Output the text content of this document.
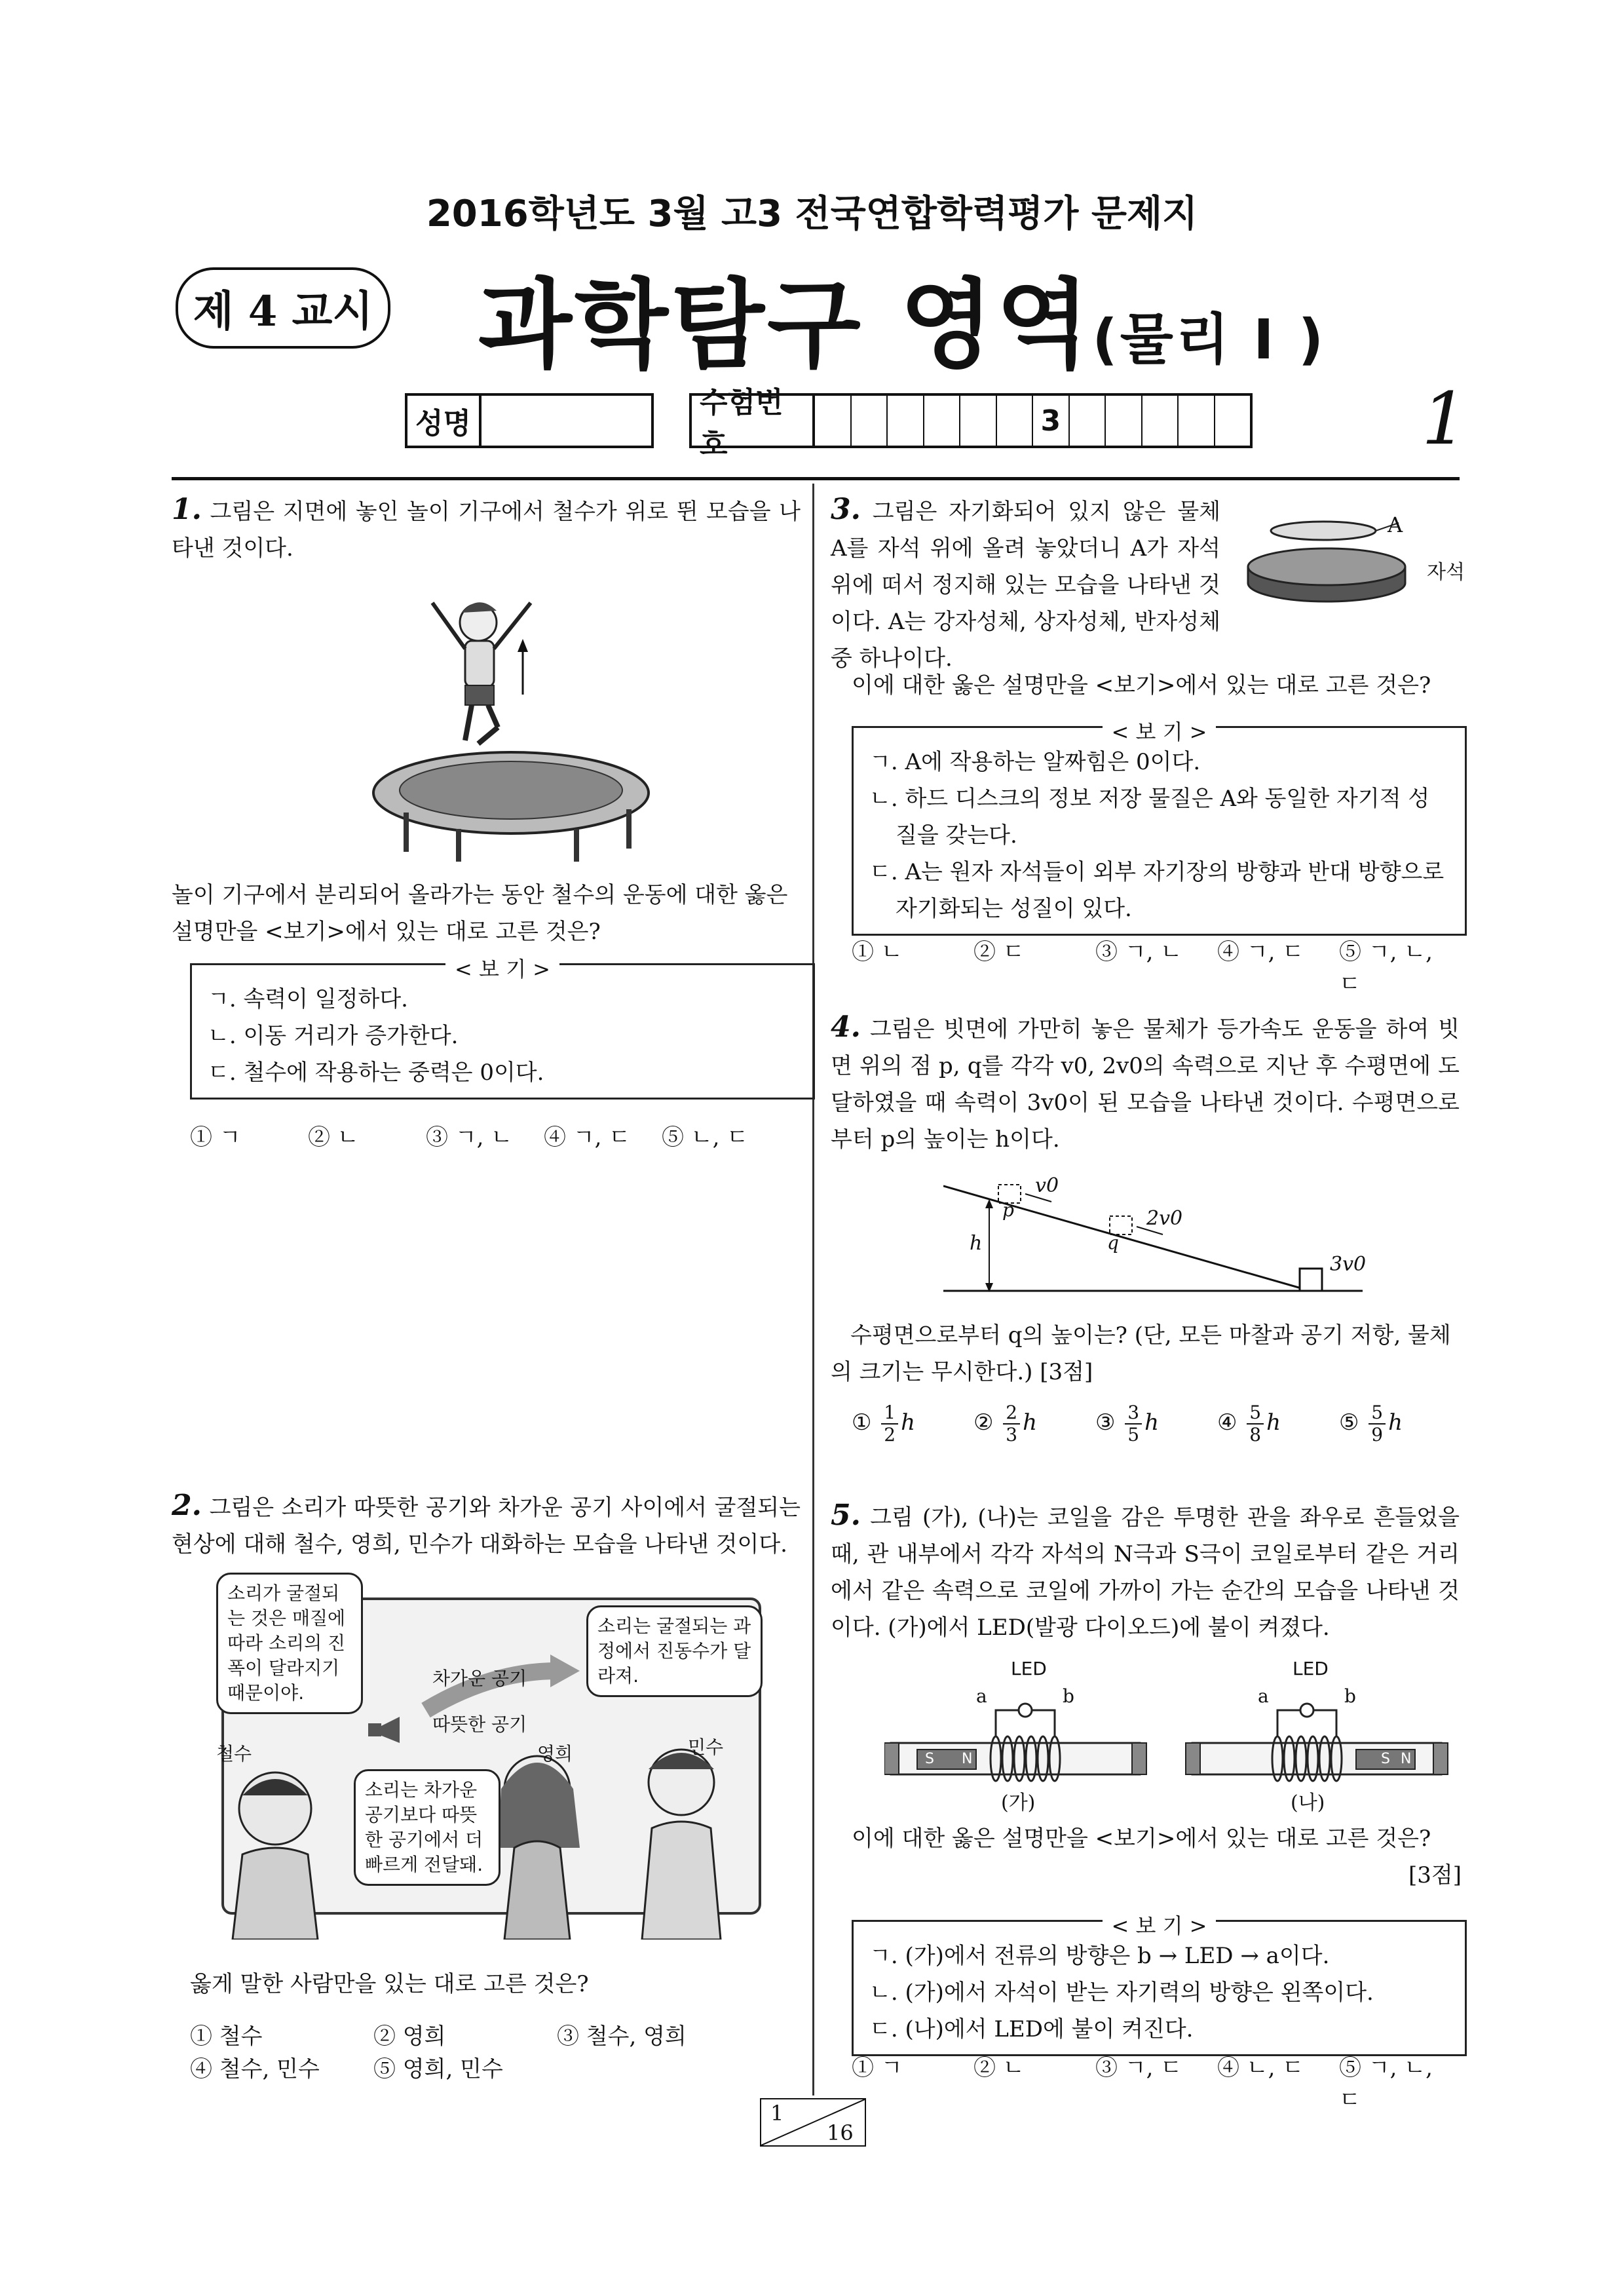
2016학년도 3월 고3 전국연합학력평가 문제지
제 4 교시 과학탐구 영역(물리 I )
성명
수험번호
3	1
1. 그림은 지면에 놓인 놀이 기구에서 철수가 위로 뛴 모습을 나타낸 것이다.
놀이 기구에서 분리되어 올라가는 동안 철수의 운동에 대한 옳은 설명만을 <보기>에서 있는 대로 고른 것은?
< 보 기 >
ㄱ. 속력이 일정하다.
ㄴ. 이동 거리가 증가한다.
ㄷ. 철수에 작용하는 중력은 0이다.
① ㄱ	② ㄴ	③ ㄱ, ㄴ	④ ㄱ, ㄷ	⑤ ㄴ, ㄷ
2. 그림은 소리가 따뜻한 공기와 차가운 공기 사이에서 굴절되는 현상에 대해 철수, 영희, 민수가 대화하는 모습을 나타낸 것이다.
소리가 굴절되는 것은 매질에 따라 소리의 진폭이 달라지기 때문이야.
소리는 차가운 공기보다 따뜻한 공기에서 더 빠르게 전달돼.
소리는 굴절되는 과정에서 진동수가 달라져.
차가운 공기
따뜻한 공기
철수	영희	민수
옳게 말한 사람만을 있는 대로 고른 것은?
① 철수	② 영희	③ 철수, 영희
④ 철수, 민수	⑤ 영희, 민수
3. 그림은 자기화되어 있지 않은 물체 A를 자석 위에 올려 놓았더니 A가 자석 위에 떠서 정지해 있는 모습을 나타낸 것이다. A는 강자성체, 상자성체, 반자성체 중 하나이다.
A
자석
이에 대한 옳은 설명만을 <보기>에서 있는 대로 고른 것은?
< 보 기 >
ㄱ. A에 작용하는 알짜힘은 0이다.
ㄴ. 하드 디스크의 정보 저장 물질은 A와 동일한 자기적 성질을 갖는다.
ㄷ. A는 원자 자석들이 외부 자기장의 방향과 반대 방향으로 자기화되는 성질이 있다.
① ㄴ	② ㄷ	③ ㄱ, ㄴ	④ ㄱ, ㄷ	⑤ ㄱ, ㄴ, ㄷ
4. 그림은 빗면에 가만히 놓은 물체가 등가속도 운동을 하여 빗면 위의 점 p, q를 각각 v0, 2v0의 속력으로 지난 후 수평면에 도달하였을 때 속력이 3v0이 된 모습을 나타낸 것이다. 수평면으로부터 p의 높이는 h이다.
p
q
h
v0
2v0
3v0
수평면으로부터 q의 높이는? (단, 모든 마찰과 공기 저항, 물체의 크기는 무시한다.) [3점]
① $\frac{1}{2}$ h	② $\frac{2}{3}$ h	③ $\frac{3}{5}$ h	④ $\frac{5}{8}$ h	⑤ $\frac{5}{9}$ h
5. 그림 (가), (나)는 코일을 감은 투명한 관을 좌우로 흔들었을 때, 관 내부에서 각각 자석의 N극과 S극이 코일로부터 같은 거리에서 같은 속력으로 코일에 가까이 가는 순간의 모습을 나타낸 것이다. (가)에서 LED(발광 다이오드)에 불이 켜졌다.
LED	LED
a	b	a	b
S N	S N
(가)	(나)
이에 대한 옳은 설명만을 <보기>에서 있는 대로 고른 것은?
[3점]
< 보 기 >
ㄱ. (가)에서 전류의 방향은 b → LED → a이다.
ㄴ. (가)에서 자석이 받는 자기력의 방향은 왼쪽이다.
ㄷ. (나)에서 LED에 불이 켜진다.
① ㄱ	② ㄴ	③ ㄱ, ㄷ	④ ㄴ, ㄷ	⑤ ㄱ, ㄴ, ㄷ
1
16
